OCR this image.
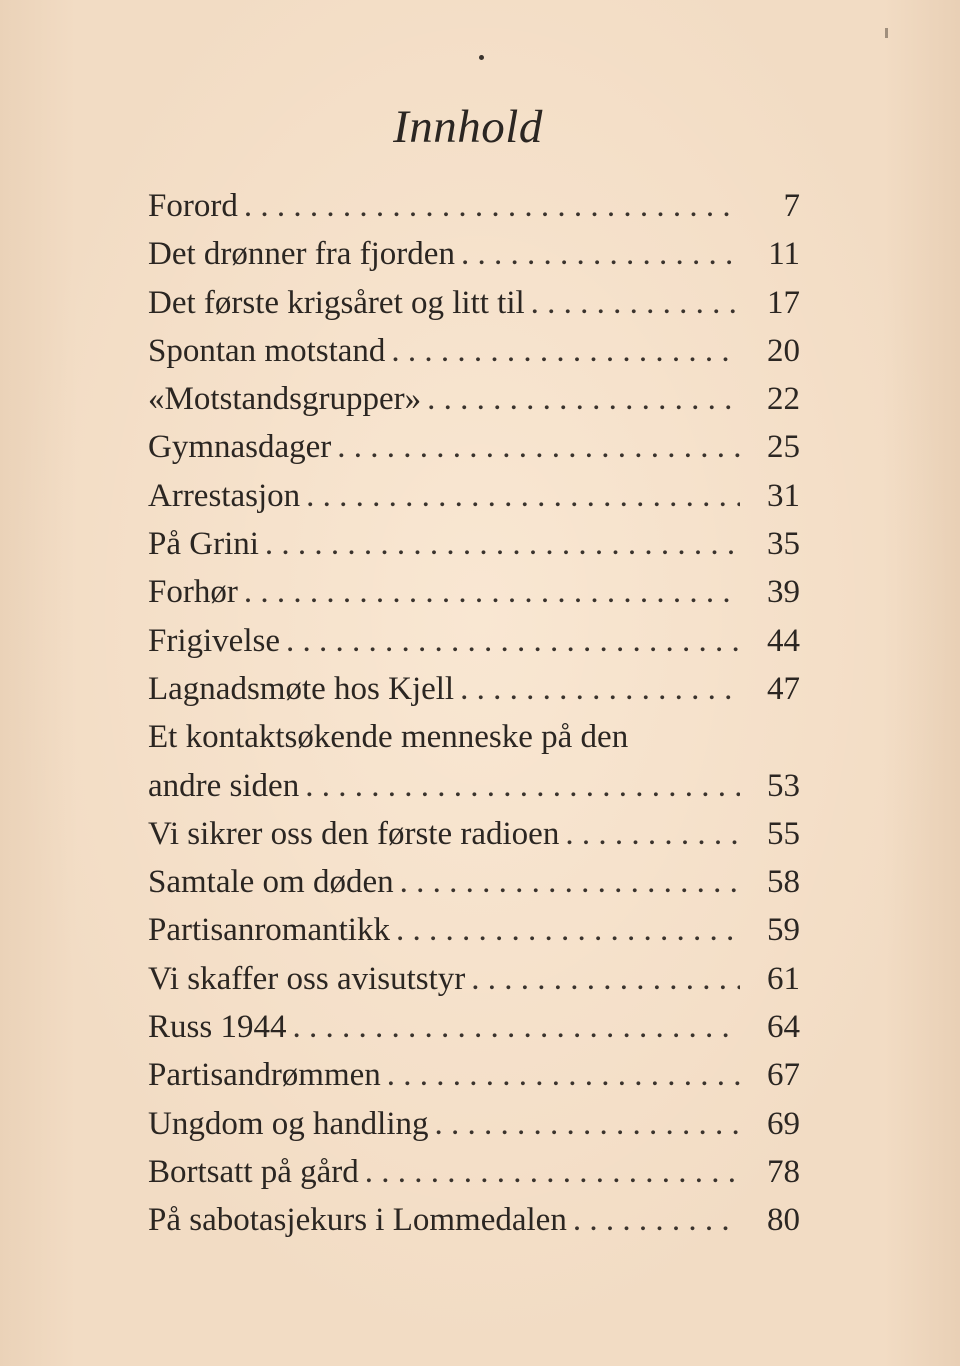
Innhold
Forord . . .	7
Det drønner fra fjorden . . .	11
Det første krigsåret og litt til . . .	17
Spontan motstand . . .	20
«Motstandsgrupper» . . .	22
Gymnasdager . . .	25
Arrestasjon . . .	31
På Grini . . .	35
Forhør . . .	39
Frigivelse . . .	44
Lagnadsmøte hos Kjell . . .	47
Et kontaktsøkende menneske på den
andre siden . . .	53
Vi sikrer oss den første radioen . . .	55
Samtale om døden . . .	58
Partisanromantikk . . .	59
Vi skaffer oss avisutstyr . . .	61
Russ 1944 . . .	64
Partisandrømmen . . .	67
Ungdom og handling . . .	69
Bortsatt på gård . . .	78
På sabotasjekurs i Lommedalen . . .	80
